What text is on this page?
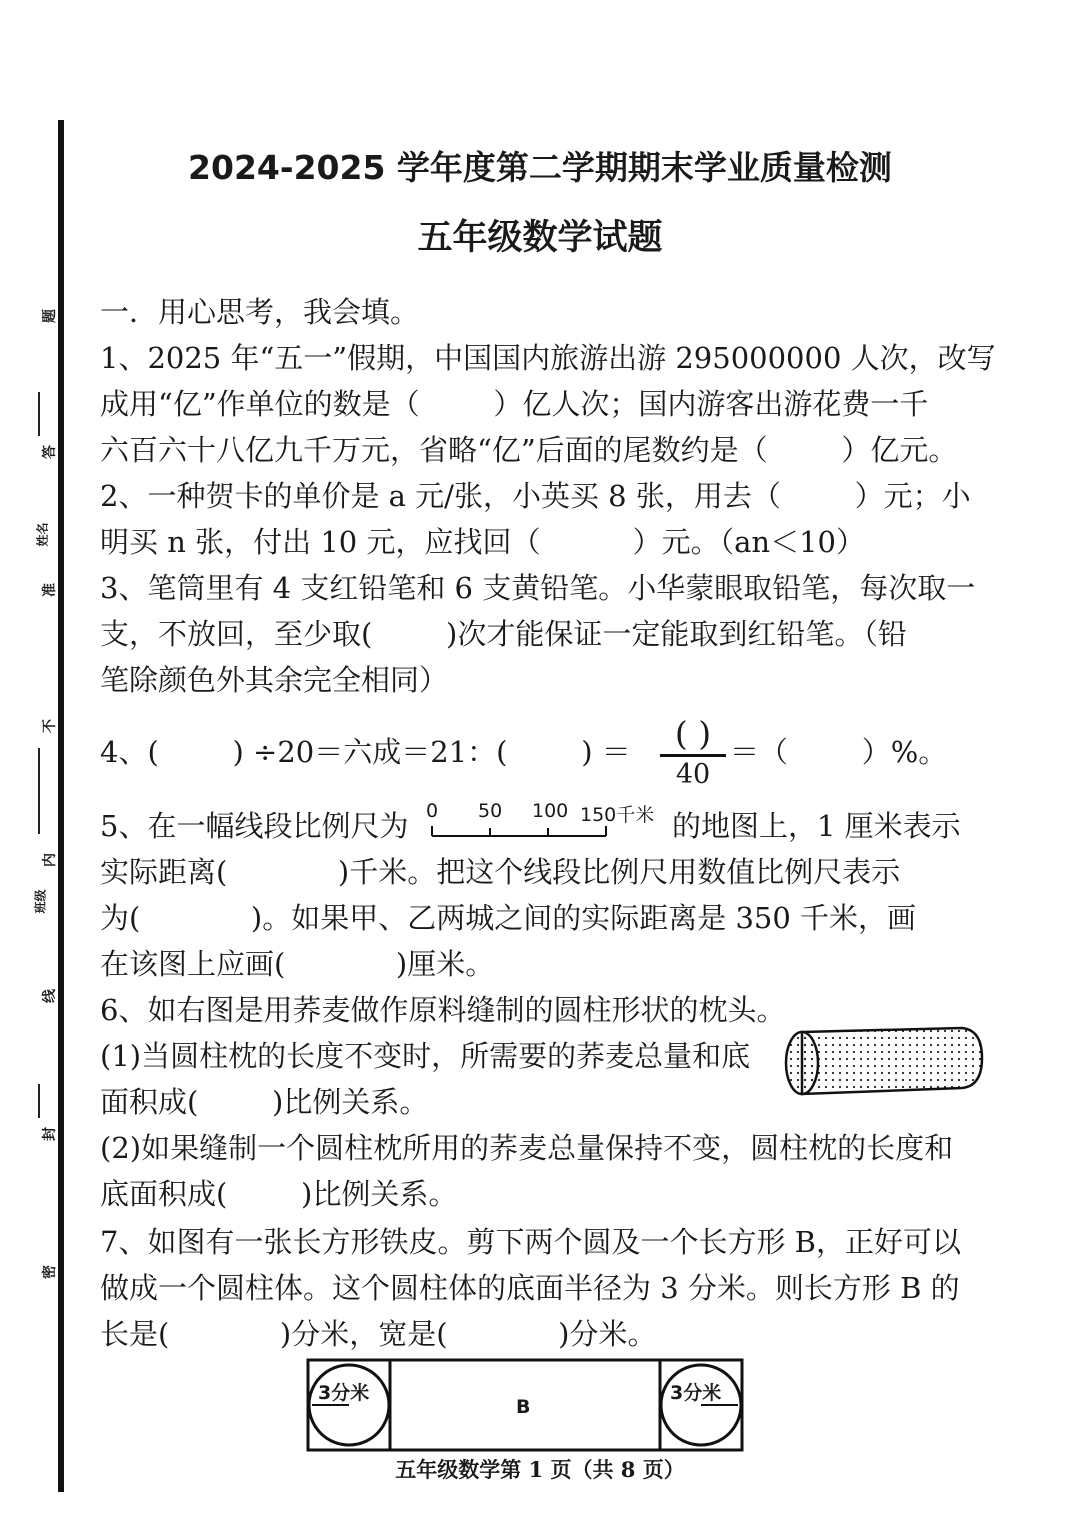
题
答
姓名
准
不
内
班级
线
封
密
2024-2025 学年度第二学期期末学业质量检测
五年级数学试题
一．用心思考，我会填。
1、2025 年“五一”假期，中国国内旅游出游 295000000 人次，改写
成用“亿”作单位的数是（        ）亿人次；国内游客出游花费一千
六百六十八亿九千万元，省略“亿”后面的尾数约是（        ）亿元。
2、一种贺卡的单价是 a 元/张，小英买 8 张，用去（        ）元；小
明买 n 张，付出 10 元，应找回（          ）元。（an＜10）
3、笔筒里有 4 支红铅笔和 6 支黄铅笔。小华蒙眼取铅笔，每次取一
支，不放回，至少取(        )次才能保证一定能取到红铅笔。（铅
笔除颜色外其余完全相同）
4、(        ) ÷20＝六成＝21：(        ) ＝	( )
40
＝（        ）%。
5、在一幅线段比例尺为 0 50 100 150千米 的地图上，1 厘米表示
实际距离(            )千米。把这个线段比例尺用数值比例尺表示
为(            )。如果甲、乙两城之间的实际距离是 350 千米，画
在该图上应画(            )厘米。
6、如右图是用荞麦做作原料缝制的圆柱形状的枕头。
(1)当圆柱枕的长度不变时，所需要的荞麦总量和底
面积成(        )比例关系。
(2)如果缝制一个圆柱枕所用的荞麦总量保持不变，圆柱枕的长度和
底面积成(        )比例关系。
7、如图有一张长方形铁皮。剪下两个圆及一个长方形 B，正好可以
做成一个圆柱体。这个圆柱体的底面半径为 3 分米。则长方形 B 的
长是(            )分米，宽是(            )分米。
3分米	3分米
B
五年级数学第 1 页（共 8 页）
